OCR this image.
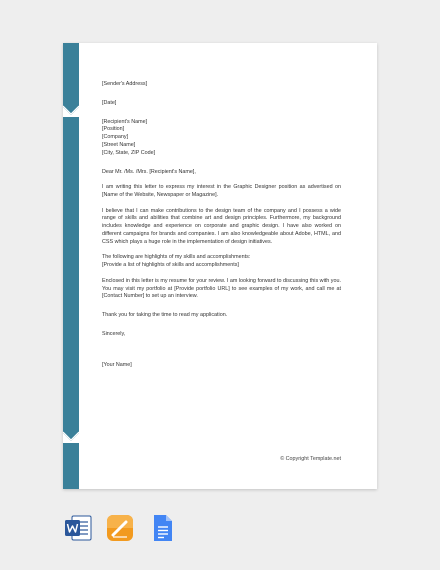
[Sender's Address]

[Date]

[Recipient's Name]

[Position]

[Company]

[Street Name]

[City, State, ZIP Code]

Dear Mr. /Ms. /Mrs. [Recipient's Name],

I am writing this letter to express my interest in the Graphic Designer position as advertised on [Name of the Website, Newspaper or Magazine].

I believe that I can make contributions to the design team of the company and I possess a wide range of skills and abilities that combine art and design principles. Furthermore, my background includes knowledge and experience on corporate and graphic design. I have also worked on different campaigns for brands and companies. I am also knowledgeable about Adobe, HTML, and CSS which plays a huge role in the implementation of design initiatives.

The following are highlights of my skills and accomplishments:

[Provide a list of highlights of skills and accomplishments]

Enclosed in this letter is my resume for your review. I am looking forward to discussing this with you. You may visit my portfolio at [Provide portfolio URL] to see examples of my work, and call me at [Contact Number] to set up an interview.

Thank you for taking the time to read my application.

Sincerely,

[Your Name]

© Copyright Template.net
